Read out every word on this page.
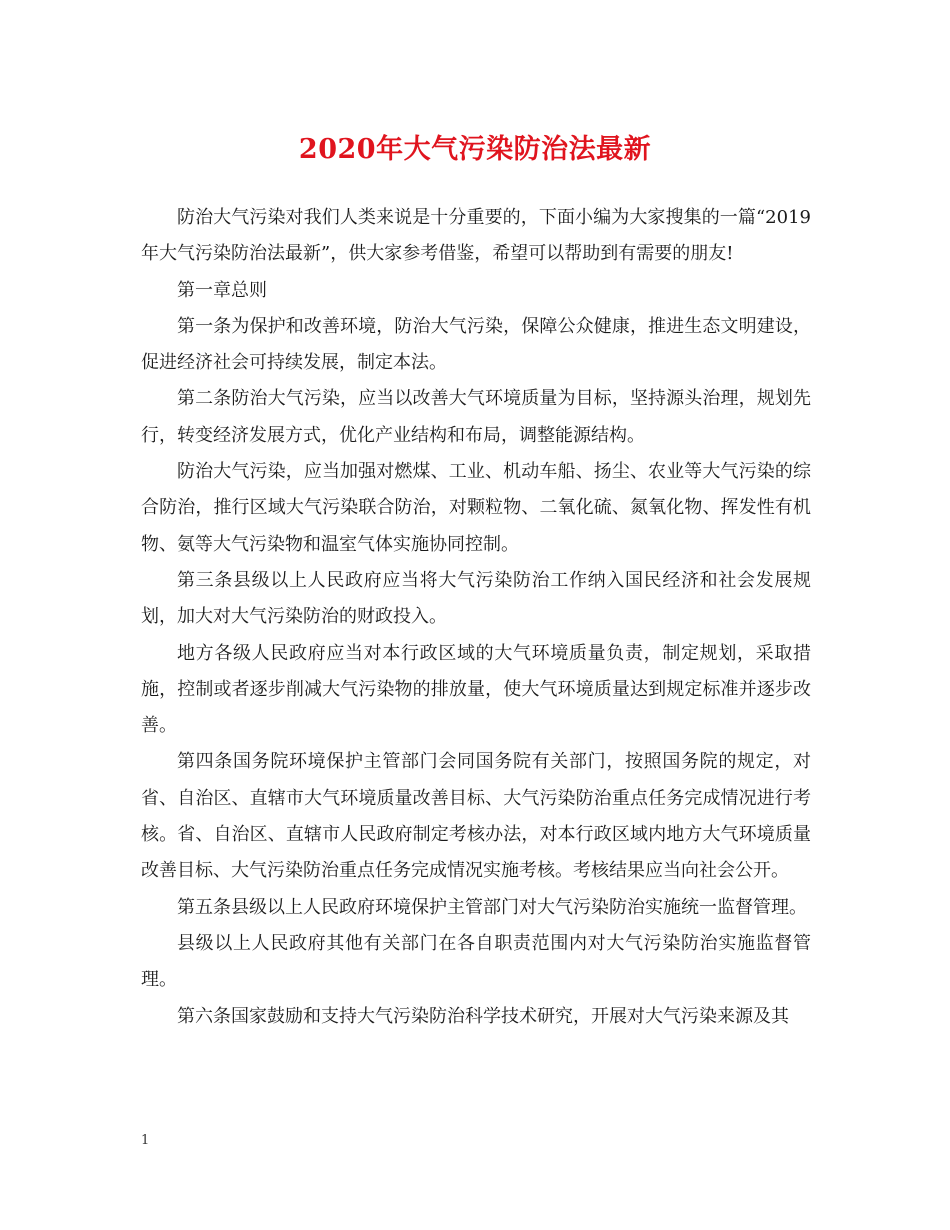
2020年大气污染防治法最新

防治大气污染对我们人类来说是十分重要的，下面小编为大家搜集的一篇“2019年大气污染防治法最新”，供大家参考借鉴，希望可以帮助到有需要的朋友!

第一章总则

第一条为保护和改善环境，防治大气污染，保障公众健康，推进生态文明建设，促进经济社会可持续发展，制定本法。

第二条防治大气污染，应当以改善大气环境质量为目标，坚持源头治理，规划先行，转变经济发展方式，优化产业结构和布局，调整能源结构。

防治大气污染，应当加强对燃煤、工业、机动车船、扬尘、农业等大气污染的综合防治，推行区域大气污染联合防治，对颗粒物、二氧化硫、氮氧化物、挥发性有机物、氨等大气污染物和温室气体实施协同控制。

第三条县级以上人民政府应当将大气污染防治工作纳入国民经济和社会发展规划，加大对大气污染防治的财政投入。

地方各级人民政府应当对本行政区域的大气环境质量负责，制定规划，采取措施，控制或者逐步削减大气污染物的排放量，使大气环境质量达到规定标准并逐步改善。

第四条国务院环境保护主管部门会同国务院有关部门，按照国务院的规定，对省、自治区、直辖市大气环境质量改善目标、大气污染防治重点任务完成情况进行考核。省、自治区、直辖市人民政府制定考核办法，对本行政区域内地方大气环境质量改善目标、大气污染防治重点任务完成情况实施考核。考核结果应当向社会公开。

第五条县级以上人民政府环境保护主管部门对大气污染防治实施统一监督管理。

县级以上人民政府其他有关部门在各自职责范围内对大气污染防治实施监督管理。

第六条国家鼓励和支持大气污染防治科学技术研究，开展对大气污染来源及其

1
